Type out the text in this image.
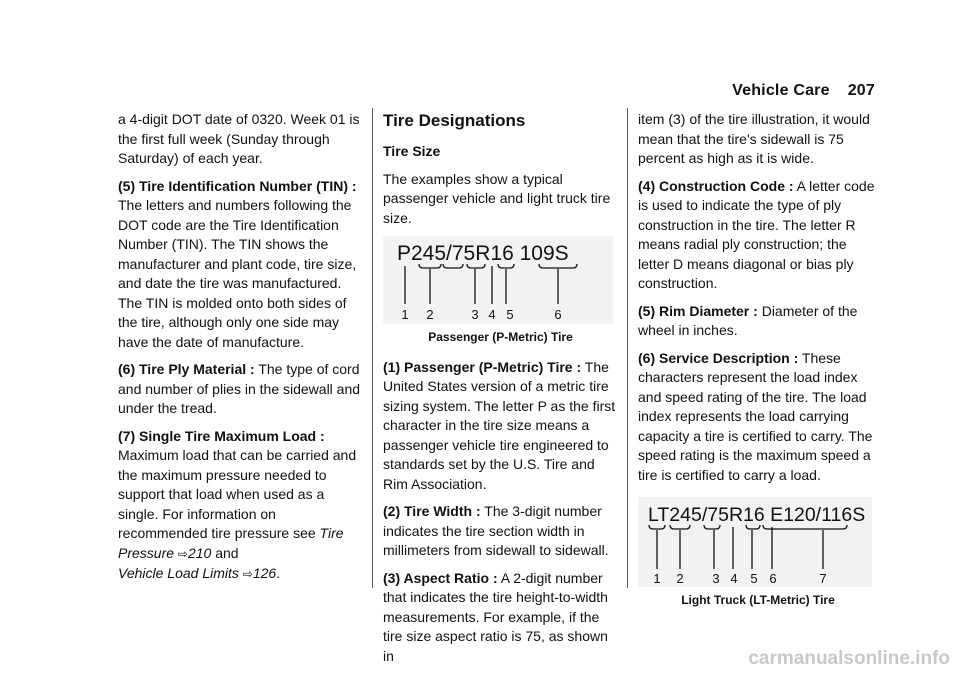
Vehicle Care 207

a 4-digit DOT date of 0320. Week 01 is the first full week (Sunday through Saturday) of each year.

(5) Tire Identification Number (TIN) : The letters and numbers following the DOT code are the Tire Identification Number (TIN). The TIN shows the manufacturer and plant code, tire size, and date the tire was manufactured. The TIN is molded onto both sides of the tire, although only one side may have the date of manufacture.

(6) Tire Ply Material : The type of cord and number of plies in the sidewall and under the tread.

(7) Single Tire Maximum Load : Maximum load that can be carried and the maximum pressure needed to support that load when used as a single. For information on recommended tire pressure see Tire Pressure ⇨210 and
Vehicle Load Limits ⇨126.

Tire Designations
Tire Size

The examples show a typical passenger vehicle and light truck tire size.

P245/75R16 109S
1 2	3 4 5	6
Passenger (P-Metric) Tire

(1) Passenger (P-Metric) Tire : The United States version of a metric tire sizing system. The letter P as the first character in the tire size means a passenger vehicle tire engineered to standards set by the U.S. Tire and Rim Association.

(2) Tire Width : The 3-digit number indicates the tire section width in millimeters from sidewall to sidewall.

(3) Aspect Ratio : A 2-digit number that indicates the tire height-to-width measurements. For example, if the tire size aspect ratio is 75, as shown in

item (3) of the tire illustration, it would mean that the tire's sidewall is 75 percent as high as it is wide.

(4) Construction Code : A letter code is used to indicate the type of ply construction in the tire. The letter R means radial ply construction; the letter D means diagonal or bias ply construction.

(5) Rim Diameter : Diameter of the wheel in inches.

(6) Service Description : These characters represent the load index and speed rating of the tire. The load index represents the load carrying capacity a tire is certified to carry. The speed rating is the maximum speed a tire is certified to carry a load.

LT245/75R16 E120/116S
1 2 3 4 5 6	7
Light Truck (LT-Metric) Tire
carmanualsonline.info
